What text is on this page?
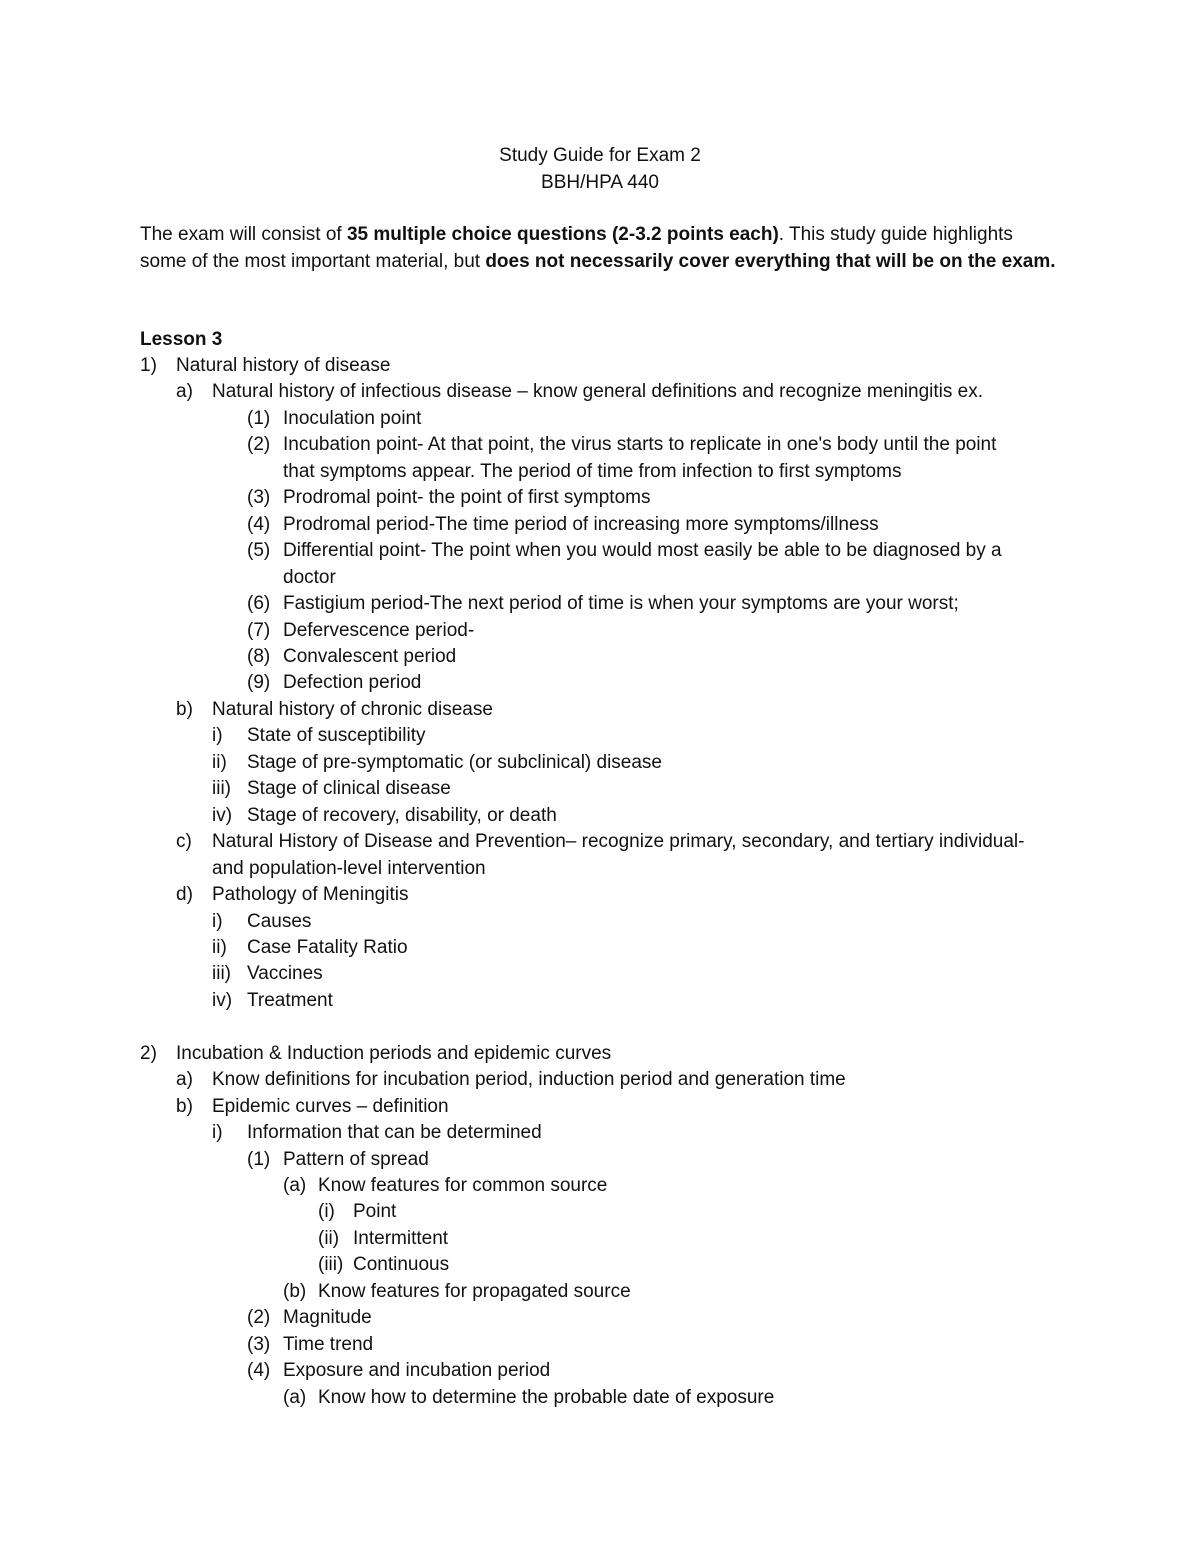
Study Guide for Exam 2
BBH/HPA 440
The exam will consist of 35 multiple choice questions (2-3.2 points each). This study guide highlights some of the most important material, but does not necessarily cover everything that will be on the exam.
Lesson 3
1) Natural history of disease
a) Natural history of infectious disease – know general definitions and recognize meningitis ex.
(1) Inoculation point
(2) Incubation point- At that point, the virus starts to replicate in one's body until the point
that symptoms appear. The period of time from infection to first symptoms
(3) Prodromal point- the point of first symptoms
(4) Prodromal period-The time period of increasing more symptoms/illness
(5) Differential point- The point when you would most easily be able to be diagnosed by a
doctor
(6) Fastigium period-The next period of time is when your symptoms are your worst;
(7) Defervescence period-
(8) Convalescent period
(9) Defection period
b) Natural history of chronic disease
i) State of susceptibility
ii) Stage of pre-symptomatic (or subclinical) disease
iii) Stage of clinical disease
iv) Stage of recovery, disability, or death
c) Natural History of Disease and Prevention– recognize primary, secondary, and tertiary individual-
and population-level intervention
d) Pathology of Meningitis
i) Causes
ii) Case Fatality Ratio
iii) Vaccines
iv) Treatment
2) Incubation & Induction periods and epidemic curves
a) Know definitions for incubation period, induction period and generation time
b) Epidemic curves – definition
i) Information that can be determined
(1) Pattern of spread
(a) Know features for common source
(i) Point
(ii) Intermittent
(iii) Continuous
(b) Know features for propagated source
(2) Magnitude
(3) Time trend
(4) Exposure and incubation period
(a) Know how to determine the probable date of exposure
